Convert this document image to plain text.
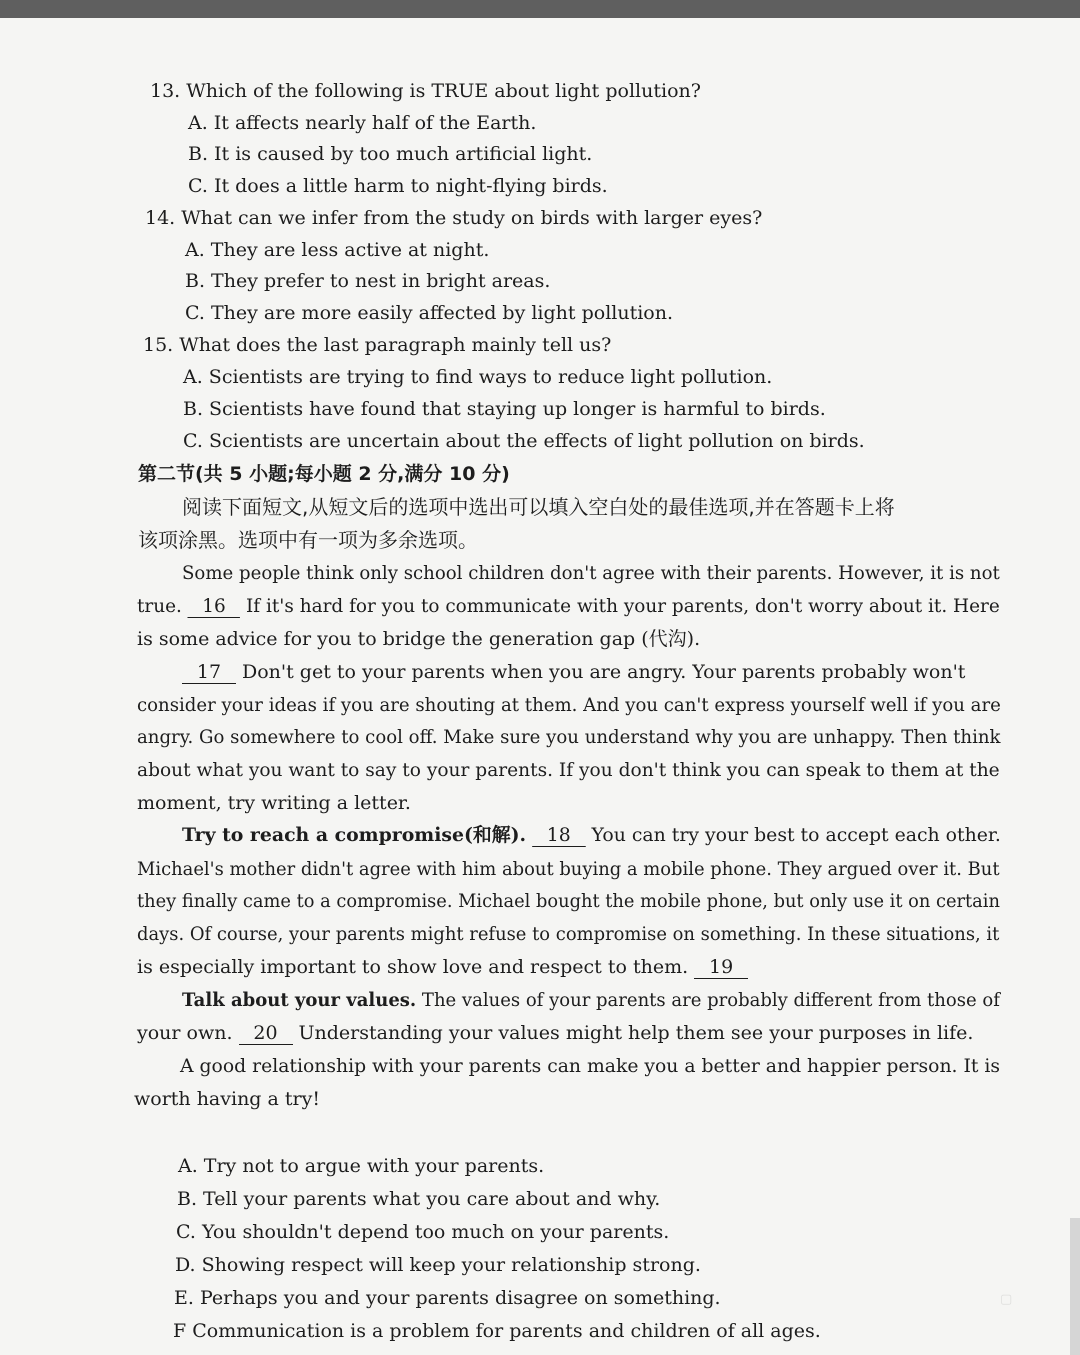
13. Which of the following is TRUE about light pollution?
A. It affects nearly half of the Earth.
B. It is caused by too much artificial light.
C. It does a little harm to night-flying birds.
14. What can we infer from the study on birds with larger eyes?
A. They are less active at night.
B. They prefer to nest in bright areas.
C. They are more easily affected by light pollution.
15. What does the last paragraph mainly tell us?
A. Scientists are trying to find ways to reduce light pollution.
B. Scientists have found that staying up longer is harmful to birds.
C. Scientists are uncertain about the effects of light pollution on birds.
第二节(共 5 小题;每小题 2 分,满分 10 分)
阅读下面短文,从短文后的选项中选出可以填入空白处的最佳选项,并在答题卡上将
该项涂黑。选项中有一项为多余选项。
Some people think only school children don't agree with their parents. However, it is not
true. 16 If it's hard for you to communicate with your parents, don't worry about it. Here
is some advice for you to bridge the generation gap (代沟).
17 Don't get to your parents when you are angry. Your parents probably won't
consider your ideas if you are shouting at them. And you can't express yourself well if you are
angry. Go somewhere to cool off. Make sure you understand why you are unhappy. Then think
about what you want to say to your parents. If you don't think you can speak to them at the
moment, try writing a letter.
Try to reach a compromise(和解). 18 You can try your best to accept each other.
Michael's mother didn't agree with him about buying a mobile phone. They argued over it. But
they finally came to a compromise. Michael bought the mobile phone, but only use it on certain
days. Of course, your parents might refuse to compromise on something. In these situations, it
is especially important to show love and respect to them. 19
Talk about your values. The values of your parents are probably different from those of
your own. 20 Understanding your values might help them see your purposes in life.
A good relationship with your parents can make you a better and happier person. It is
worth having a try!
A. Try not to argue with your parents.
B. Tell your parents what you care about and why.
C. You shouldn't depend too much on your parents.
D. Showing respect will keep your relationship strong.
E. Perhaps you and your parents disagree on something.
F Communication is a problem for parents and children of all ages.
▢
